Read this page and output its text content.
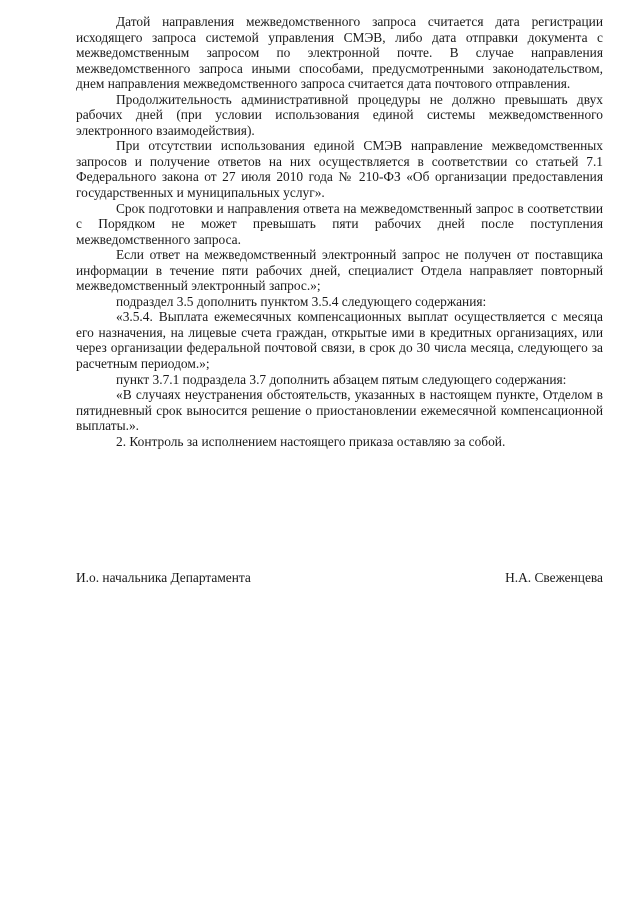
Датой направления межведомственного запроса считается дата регистрации исходящего запроса системой управления СМЭВ, либо дата отправки документа с межведомственным запросом по электронной почте. В случае направления межведомственного запроса иными способами, предусмотренными законодательством, днем направления межведомственного запроса считается дата почтового отправления.

Продолжительность административной процедуры не должно превышать двух рабочих дней (при условии использования единой системы межведомственного электронного взаимодействия).

При отсутствии использования единой СМЭВ направление межведомственных запросов и получение ответов на них осуществляется в соответствии со статьей 7.1 Федерального закона от 27 июля 2010 года № 210-ФЗ «Об организации предоставления государственных и муниципальных услуг».

Срок подготовки и направления ответа на межведомственный запрос в соответствии с Порядком не может превышать пяти рабочих дней после поступления межведомственного запроса.

Если ответ на межведомственный электронный запрос не получен от поставщика информации в течение пяти рабочих дней, специалист Отдела направляет повторный межведомственный электронный запрос.»;

подраздел 3.5 дополнить пунктом 3.5.4 следующего содержания:

«3.5.4. Выплата ежемесячных компенсационных выплат осуществляется с месяца его назначения, на лицевые счета граждан, открытые ими в кредитных организациях, или через организации федеральной почтовой связи, в срок до 30 числа месяца, следующего за расчетным периодом.»;

пункт 3.7.1 подраздела 3.7 дополнить абзацем пятым следующего содержания:

«В случаях неустранения обстоятельств, указанных в настоящем пункте, Отделом в пятидневный срок выносится решение о приостановлении ежемесячной компенсационной выплаты.».

2. Контроль за исполнением настоящего приказа оставляю за собой.

И.о. начальника Департамента	Н.А. Свеженцева
